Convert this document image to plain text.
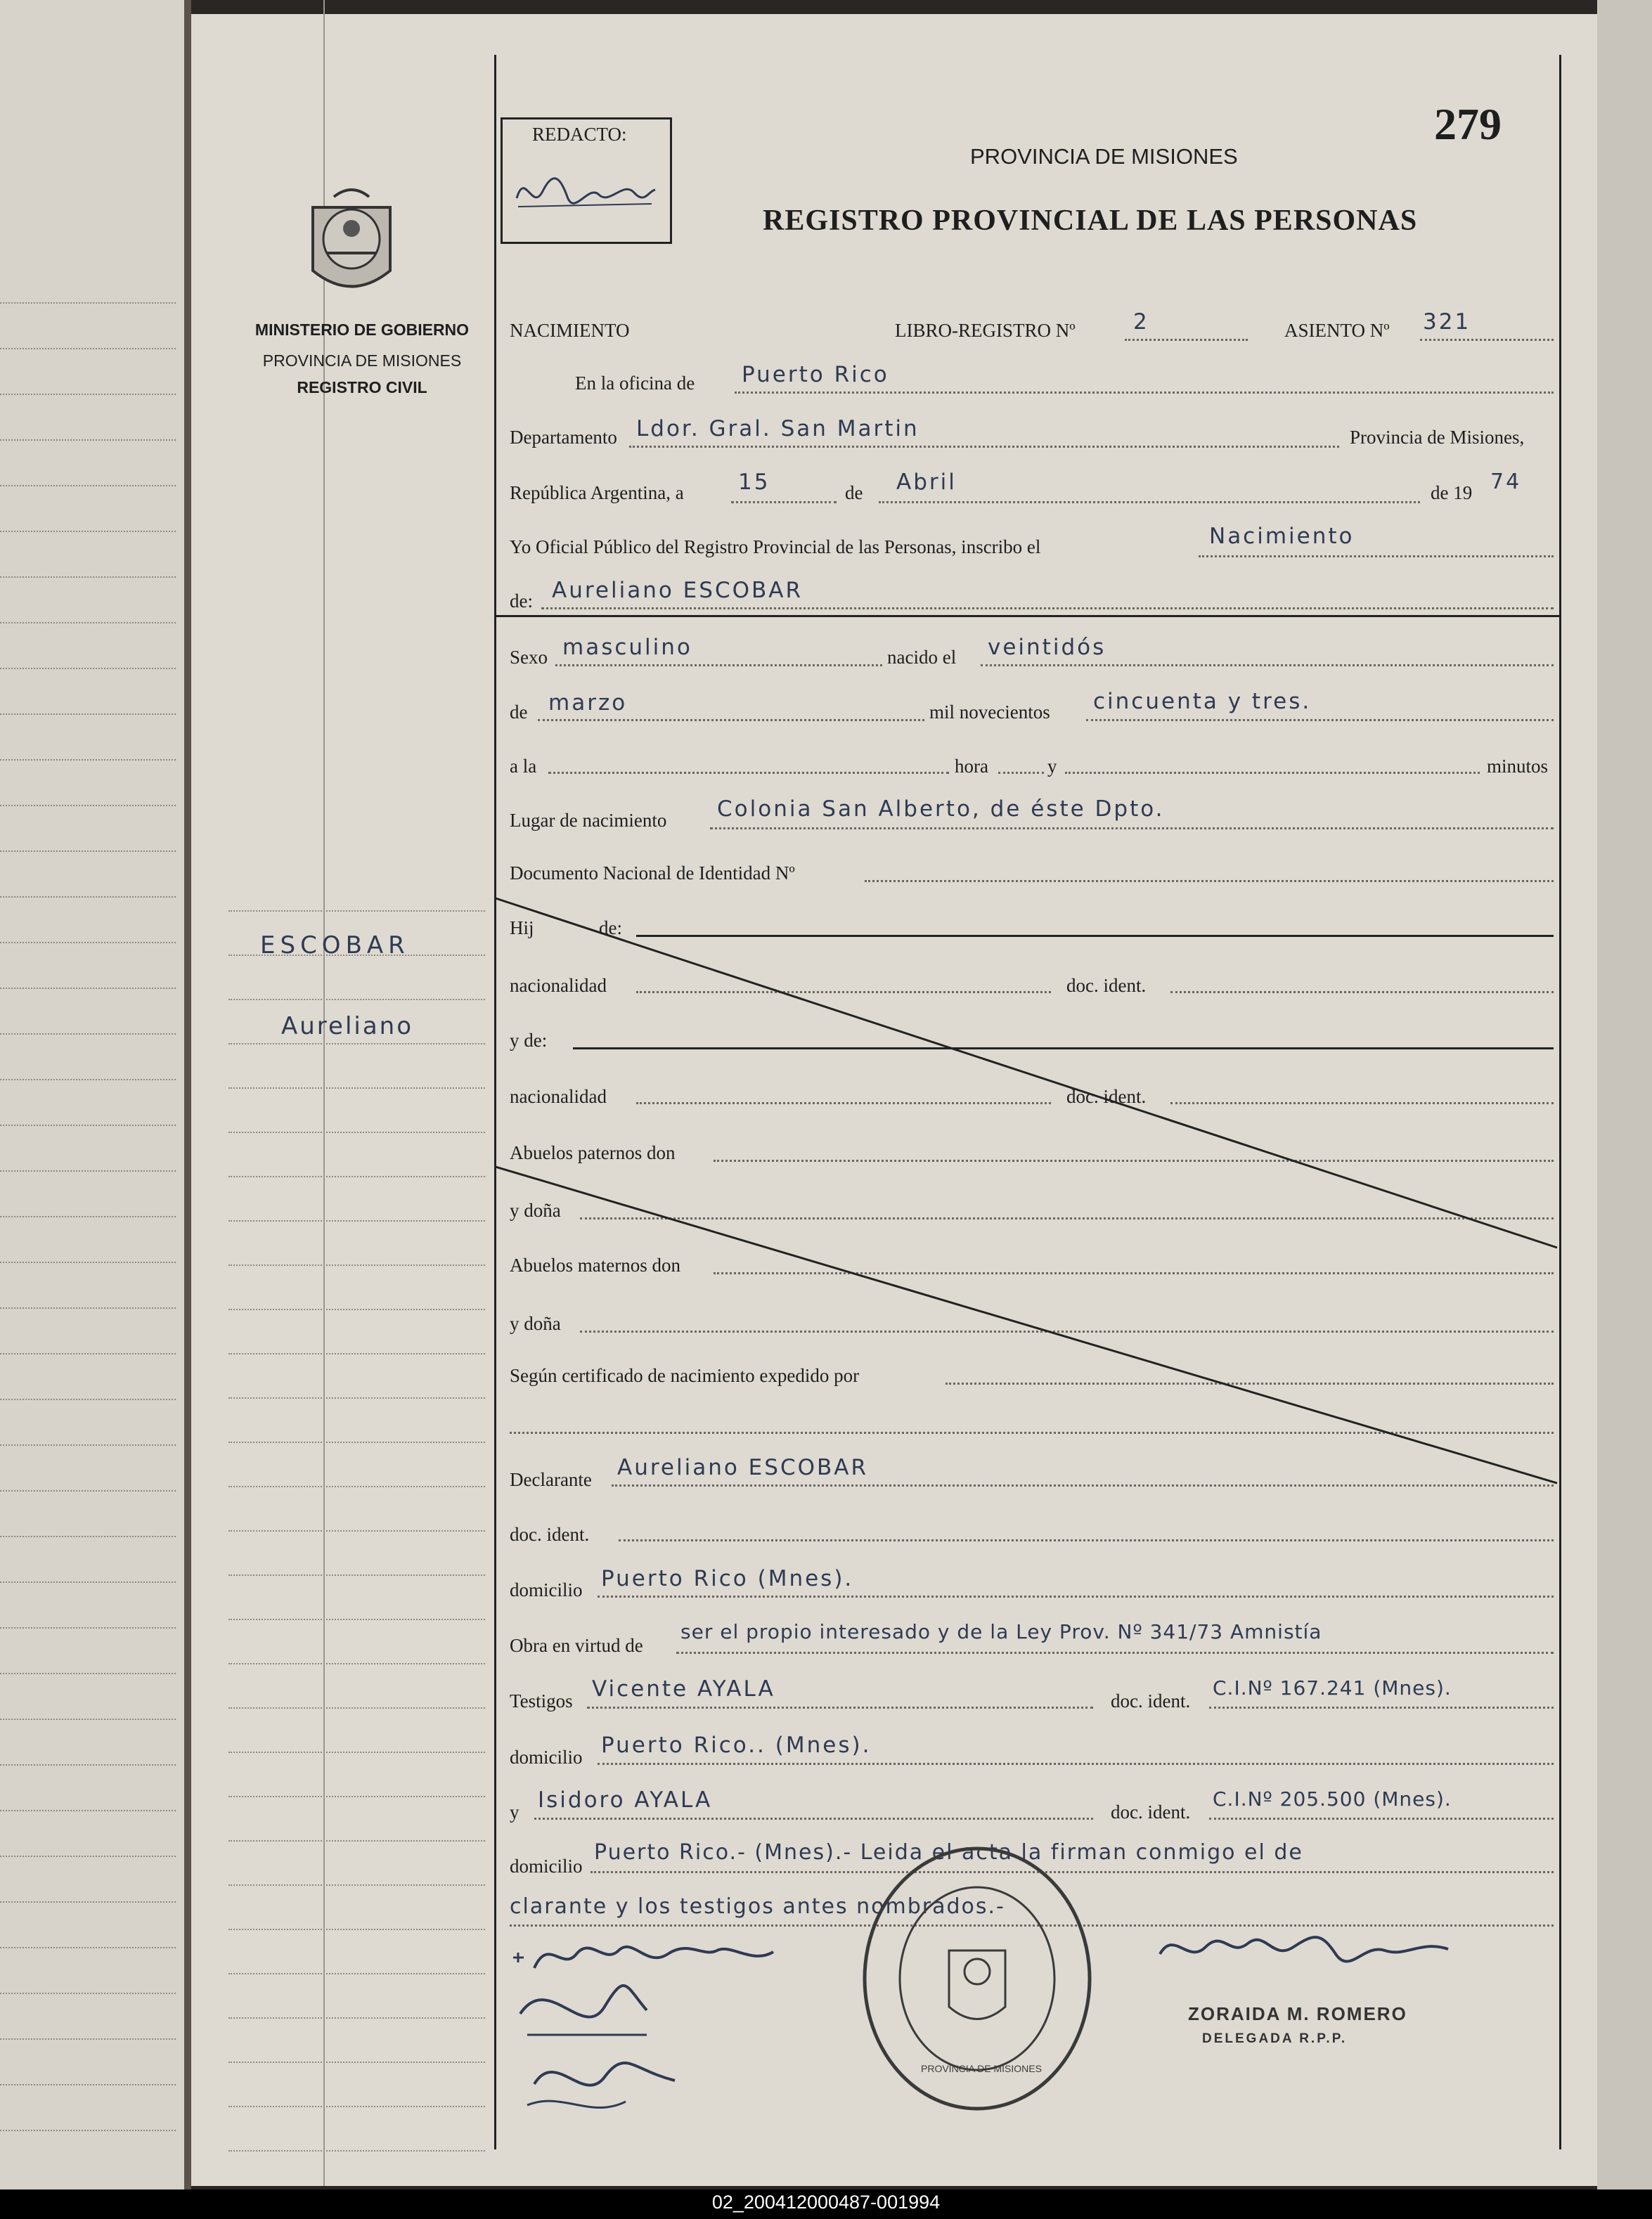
279
REDACTO:
PROVINCIA DE MISIONES
REGISTRO PROVINCIAL DE LAS PERSONAS
MINISTERIO DE GOBIERNO
PROVINCIA DE MISIONES
REGISTRO CIVIL
ESCOBAR
Aureliano
NACIMIENTO	LIBRO-REGISTRO Nº	2	ASIENTO Nº 321
En la oficina de Puerto Rico
Departamento Ldor. Gral. San Martin	Provincia de Misiones,
República Argentina, a 15	de Abril	de 19 74
Yo Oficial Público del Registro Provincial de las Personas, inscribo el	Nacimiento
de: Aureliano ESCOBAR
Sexo masculino	nacido el veintidós
de marzo	mil novecientos cincuenta y tres.
a la	hora	y	minutos
Lugar de nacimiento Colonia San Alberto, de éste Dpto.
Documento Nacional de Identidad Nº
Hij	de:
nacionalidad	doc. ident.
y de:
nacionalidad	doc. ident.
Abuelos paternos don
y doña
Abuelos maternos don
y doña
Según certificado de nacimiento expedido por
Declarante Aureliano ESCOBAR
doc. ident.
domicilio Puerto Rico (Mnes).
Obra en virtud de
ser el propio interesado y de la Ley Prov. Nº 341/73 Amnistía
Testigos Vicente AYALA	doc. ident.
C.I.Nº 167.241 (Mnes).
domicilio Puerto Rico.. (Mnes).
y Isidoro AYALA	doc. ident.
C.I.Nº 205.500 (Mnes).
domicilio
Puerto Rico.- (Mnes).- Leida el acta la firman conmigo el de
clarante y los testigos antes nombrados.-
PROVINCIA DE MISIONES
ZORAIDA M. ROMERO
DELEGADA R.P.P.
02_200412000487-001994
